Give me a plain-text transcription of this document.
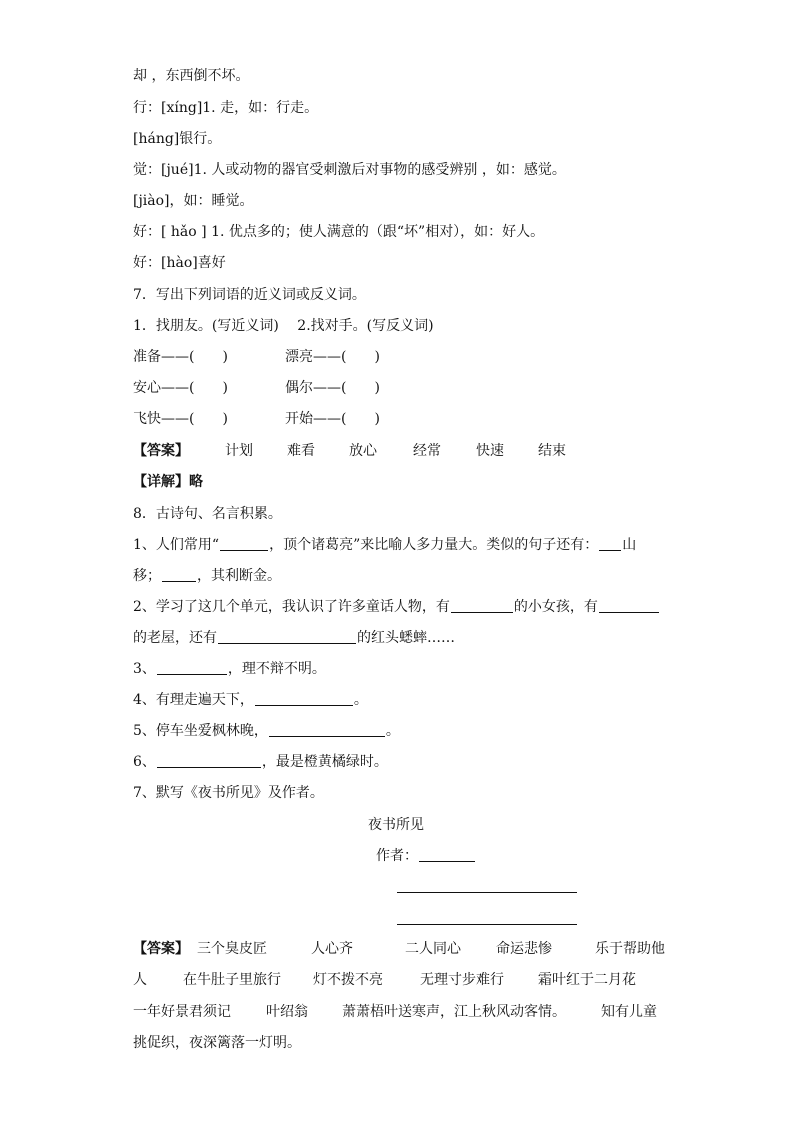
却 ，东西倒不坏。
行：[xíng]1. 走，如：行走。
[háng]银行。
觉：[jué]1. 人或动物的器官受刺激后对事物的感受辨别 ，如：感觉。
[jiào]，如：睡觉。
好：[ hǎo ] 1. 优点多的；使人满意的（跟“坏”相对），如：好人。
好：[hào]喜好
7．写出下列词语的近义词或反义词。
1．找朋友。(写近义词)　 2.找对手。(写反义词)
准备——(　　)	漂亮——(　　)
安心——(　　)	偶尔——(　　)
飞快——(　　)	开始——(　　)
【答案】	计划 难看 放心	经常	快速 结束
【详解】略
8．古诗句、名言积累。
1、人们常用“	，顶个诸葛亮”来比喻人多力量大。类似的句子还有： 山
移；	，其利断金。
2、学习了这几个单元，我认识了许多童话人物，有	的小女孩，有
的老屋，还有	的红头蟋蟀……
3、	，理不辩不明。
4、有理走遍天下，	。
5、停车坐爱枫林晚，	。
6、	，最是橙黄橘绿时。
7、默写《夜书所见》及作者。
夜书所见
作者：
【答案】 三个臭皮匠	人心齐	二人同心	命运悲惨	乐于帮助他
人	在牛肚子里旅行 灯不拨不亮	无理寸步难行 霜叶红于二月花
一年好景君须记	叶绍翁 萧萧梧叶送寒声，江上秋风动客情。	知有儿童
挑促织，夜深篱落一灯明。
